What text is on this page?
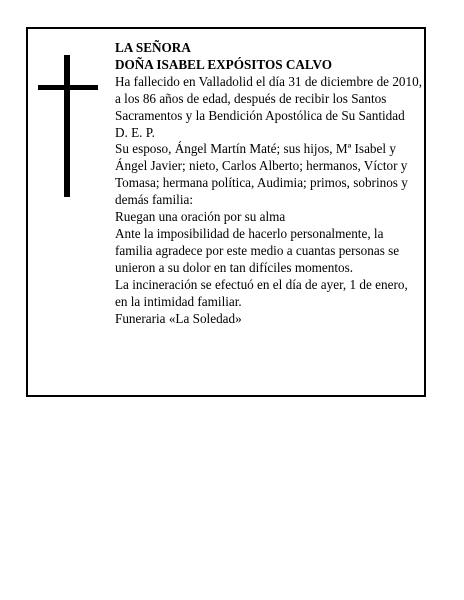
LA SEÑORA

DOÑA ISABEL EXPÓSITOS CALVO

Ha fallecido en Valladolid el día 31 de diciembre de 2010, a los 86 años de edad, después de recibir los Santos Sacramentos y la Bendición Apostólica de Su Santidad

D. E. P.

Su esposo, Ángel Martín Maté; sus hijos, Mª Isabel y Ángel Javier; nieto, Carlos Alberto; hermanos, Víctor y Tomasa; hermana política, Audimia; primos, sobrinos y demás familia:

Ruegan una oración por su alma

Ante la imposibilidad de hacerlo personalmente, la familia agradece por este medio a cuantas personas se unieron a su dolor en tan difíciles momentos.

La incineración se efectuó en el día de ayer, 1 de enero, en la intimidad familiar.

Funeraria «La Soledad»
